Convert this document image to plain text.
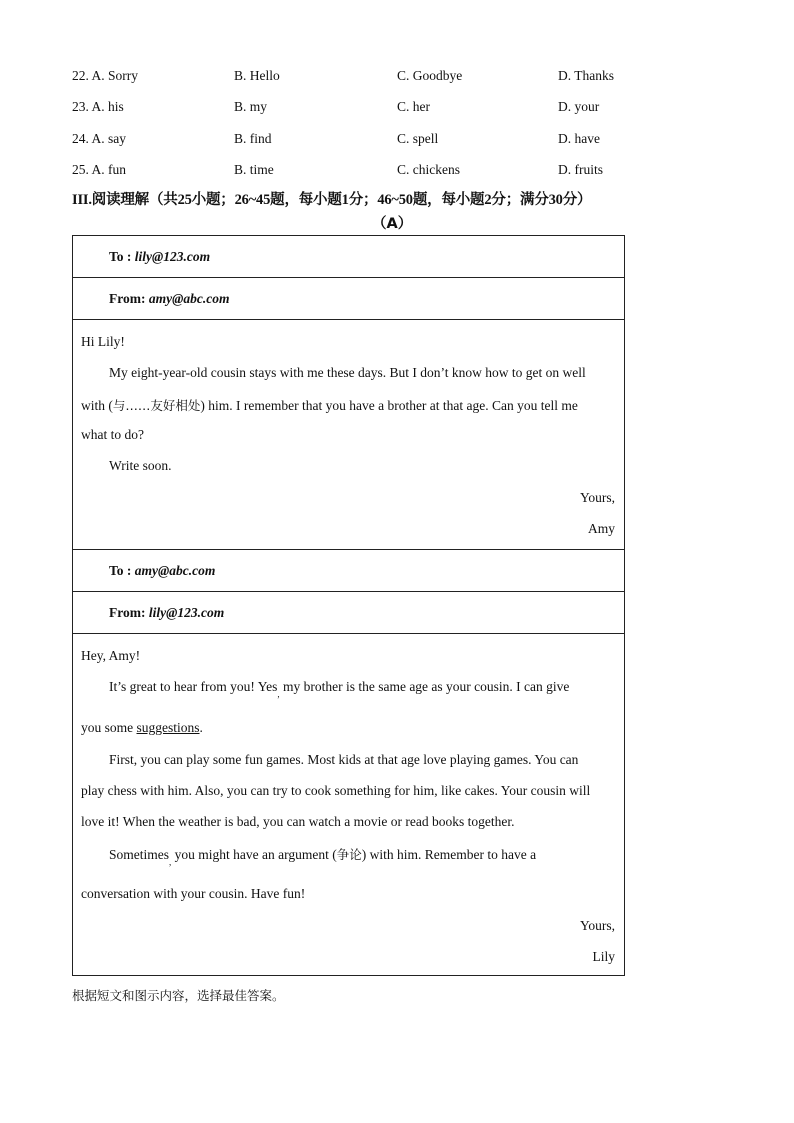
22. A. Sorry	B. Hello	C. Goodbye	D. Thanks
23. A. his	B. my	C. her	D. your
24. A. say	B. find	C. spell	D. have
25. A. fun	B. time	C. chickens	D. fruits
III.阅读理解（共25小题；26~45题，每小题1分；46~50题，每小题2分；满分30分）
（A）
To : lily@123.com
From: amy@abc.com
Hi Lily!
My eight-year-old cousin stays with me these days. But I don’t know how to get on well
with (与……友好相处) him. I remember that you have a brother at that age. Can you tell me
what to do?
Write soon.
Yours,
Amy
To : amy@abc.com
From: lily@123.com
Hey, Amy!
It’s great to hear from you! Yes$_,$ my brother is the same age as your cousin. I can give
you some suggestions.
First, you can play some fun games. Most kids at that age love playing games. You can
play chess with him. Also, you can try to cook something for him, like cakes. Your cousin will
love it! When the weather is bad, you can watch a movie or read books together.
Sometimes$_,$ you might have an argument (争论) with him. Remember to have a
conversation with your cousin. Have fun!
Yours,
Lily
根据短文和图示内容，选择最佳答案。
